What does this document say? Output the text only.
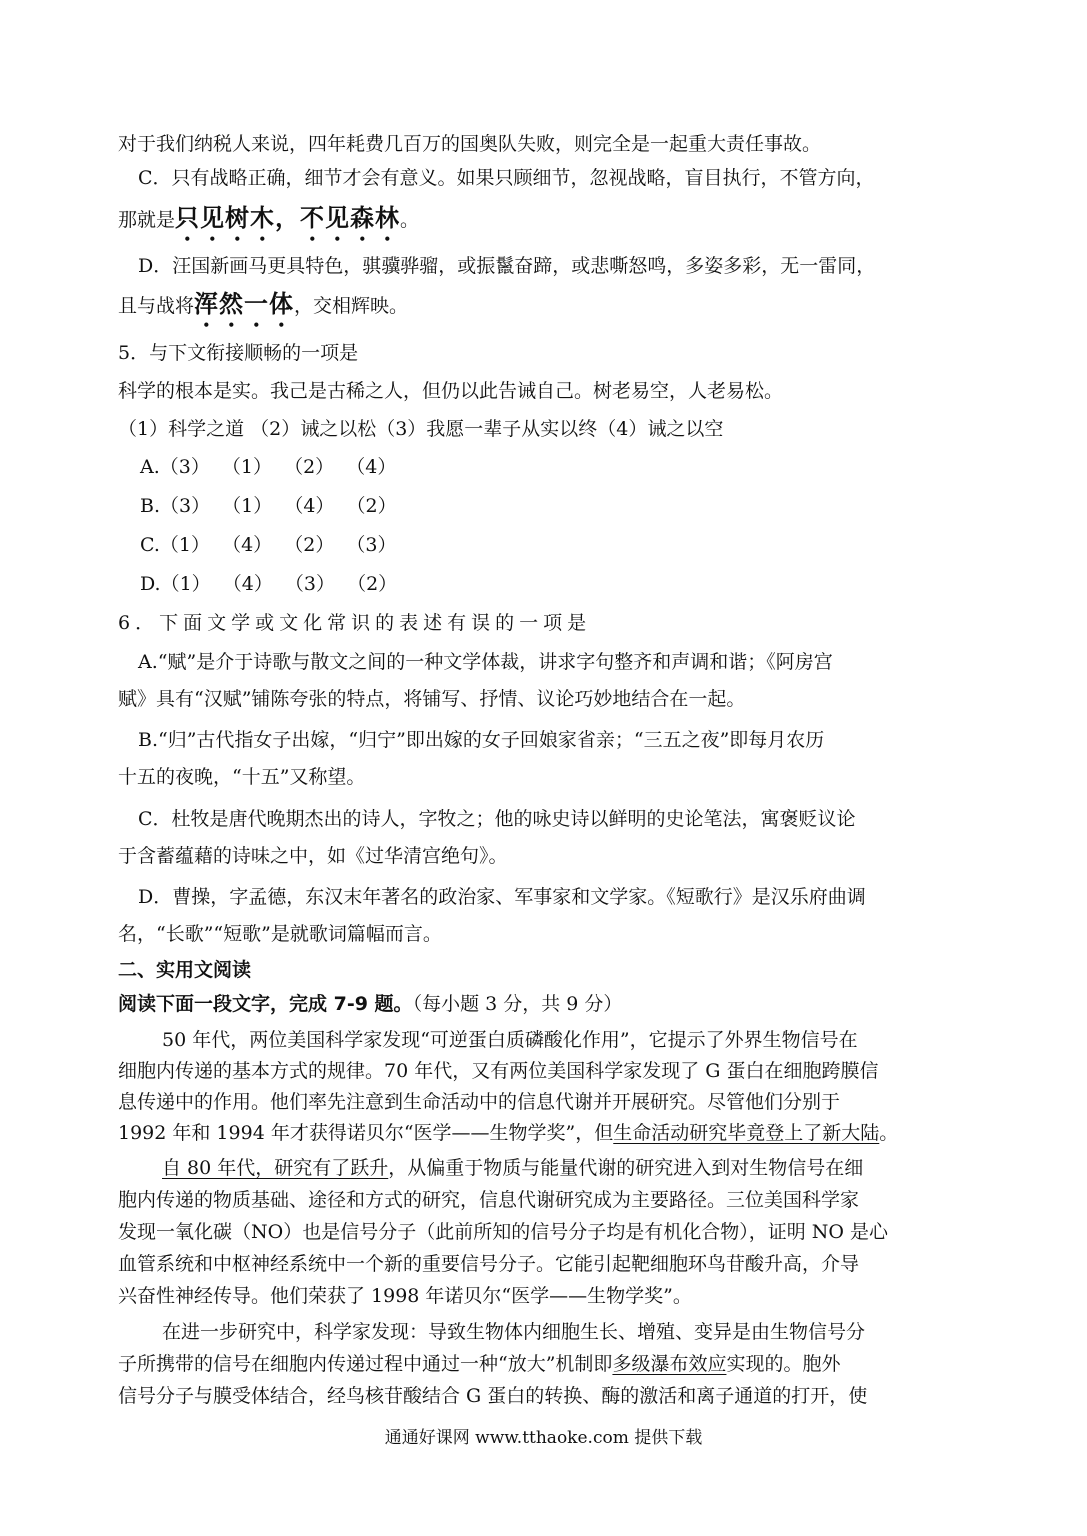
对于我们纳税人来说，四年耗费几百万的国奥队失败，则完全是一起重大责任事故。
C．只有战略正确，细节才会有意义。如果只顾细节，忽视战略，盲目执行，不管方向，
那就是只见树木，不见森林。
D．汪国新画马更具特色，骐骥骅骝，或振鬣奋蹄，或悲嘶怒鸣，多姿多彩，无一雷同，
且与战将浑然一体，交相辉映。
5．与下文衔接顺畅的一项是
科学的根本是实。我己是古稀之人，但仍以此告诫自己。树老易空，人老易松。
（1）科学之道 （2）诫之以松（3）我愿一辈子从实以终（4）诫之以空
A.（3）  （1）  （2）  （4）
B.（3）  （1）  （4）  （2）
C.（1）  （4）  （2）  （3）
D.（1）  （4）  （3）  （2）
6．下面文学或文化常识的表述有误的一项是
A.“赋”是介于诗歌与散文之间的一种文学体裁，讲求字句整齐和声调和谐；《阿房宫
赋》具有“汉赋”铺陈夸张的特点，将铺写、抒情、议论巧妙地结合在一起。
B.“归”古代指女子出嫁，“归宁”即出嫁的女子回娘家省亲；“三五之夜”即每月农历
十五的夜晚，“十五”又称望。
C．杜牧是唐代晚期杰出的诗人，字牧之；他的咏史诗以鲜明的史论笔法，寓褒贬议论
于含蓄蕴藉的诗味之中，如《过华清宫绝句》。
D．曹操，字孟德，东汉末年著名的政治家、军事家和文学家。《短歌行》是汉乐府曲调
名，“长歌”“短歌”是就歌词篇幅而言。
二、实用文阅读
阅读下面一段文字，完成 7-9 题。（每小题 3 分，共 9 分）
50 年代，两位美国科学家发现“可逆蛋白质磷酸化作用”，它提示了外界生物信号在
细胞内传递的基本方式的规律。70 年代，又有两位美国科学家发现了 G 蛋白在细胞跨膜信
息传递中的作用。他们率先注意到生命活动中的信息代谢并开展研究。尽管他们分别于
1992 年和 1994 年才获得诺贝尔“医学——生物学奖”，但生命活动研究毕竟登上了新大陆。
自 80 年代，研究有了跃升，从偏重于物质与能量代谢的研究进入到对生物信号在细
胞内传递的物质基础、途径和方式的研究，信息代谢研究成为主要路径。三位美国科学家
发现一氧化碳（NO）也是信号分子（此前所知的信号分子均是有机化合物），证明 NO 是心
血管系统和中枢神经系统中一个新的重要信号分子。它能引起靶细胞环鸟苷酸升高，介导
兴奋性神经传导。他们荣获了 1998 年诺贝尔“医学——生物学奖”。
在进一步研究中，科学家发现：导致生物体内细胞生长、增殖、变异是由生物信号分
子所携带的信号在细胞内传递过程中通过一种“放大”机制即多级瀑布效应实现的。胞外
信号分子与膜受体结合，经鸟核苷酸结合 G 蛋白的转换、酶的激活和离子通道的打开，使
通通好课网 www.tthaoke.com 提供下载
